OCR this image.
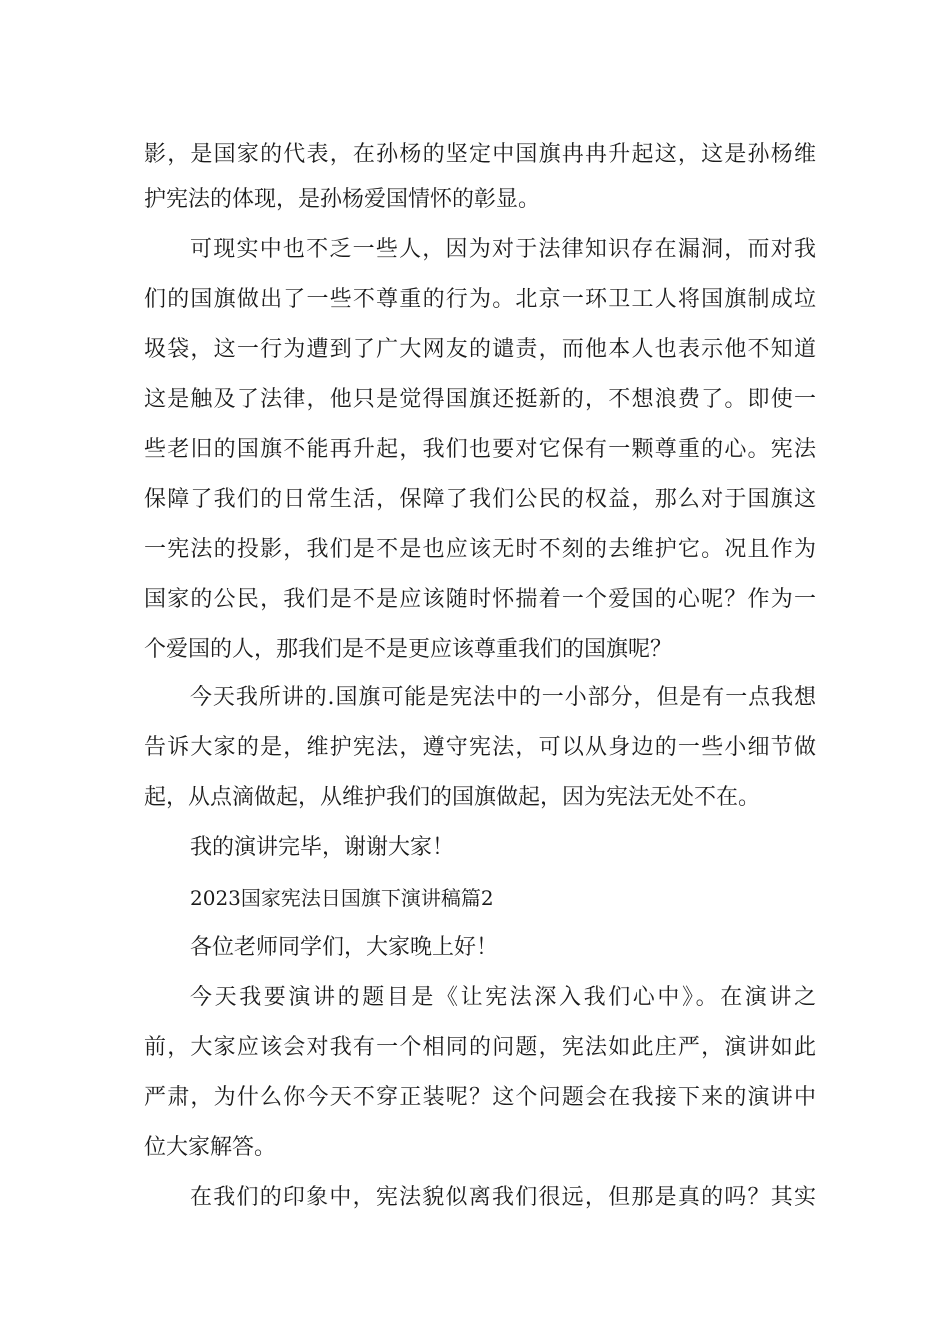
影，是国家的代表，在孙杨的坚定中国旗冉冉升起这，这是孙杨维
护宪法的体现，是孙杨爱国情怀的彰显。
可现实中也不乏一些人，因为对于法律知识存在漏洞，而对我
们的国旗做出了一些不尊重的行为。北京一环卫工人将国旗制成垃
圾袋，这一行为遭到了广大网友的谴责，而他本人也表示他不知道
这是触及了法律，他只是觉得国旗还挺新的，不想浪费了。即使一
些老旧的国旗不能再升起，我们也要对它保有一颗尊重的心。宪法
保障了我们的日常生活，保障了我们公民的权益，那么对于国旗这
一宪法的投影，我们是不是也应该无时不刻的去维护它。况且作为
国家的公民，我们是不是应该随时怀揣着一个爱国的心呢？作为一
个爱国的人，那我们是不是更应该尊重我们的国旗呢？
今天我所讲的.国旗可能是宪法中的一小部分，但是有一点我想
告诉大家的是，维护宪法，遵守宪法，可以从身边的一些小细节做
起，从点滴做起，从维护我们的国旗做起，因为宪法无处不在。
我的演讲完毕，谢谢大家！
2023国家宪法日国旗下演讲稿篇2
各位老师同学们，大家晚上好！
今天我要演讲的题目是《让宪法深入我们心中》。在演讲之
前，大家应该会对我有一个相同的问题，宪法如此庄严，演讲如此
严肃，为什么你今天不穿正装呢？这个问题会在我接下来的演讲中
位大家解答。
在我们的印象中，宪法貌似离我们很远，但那是真的吗？其实
